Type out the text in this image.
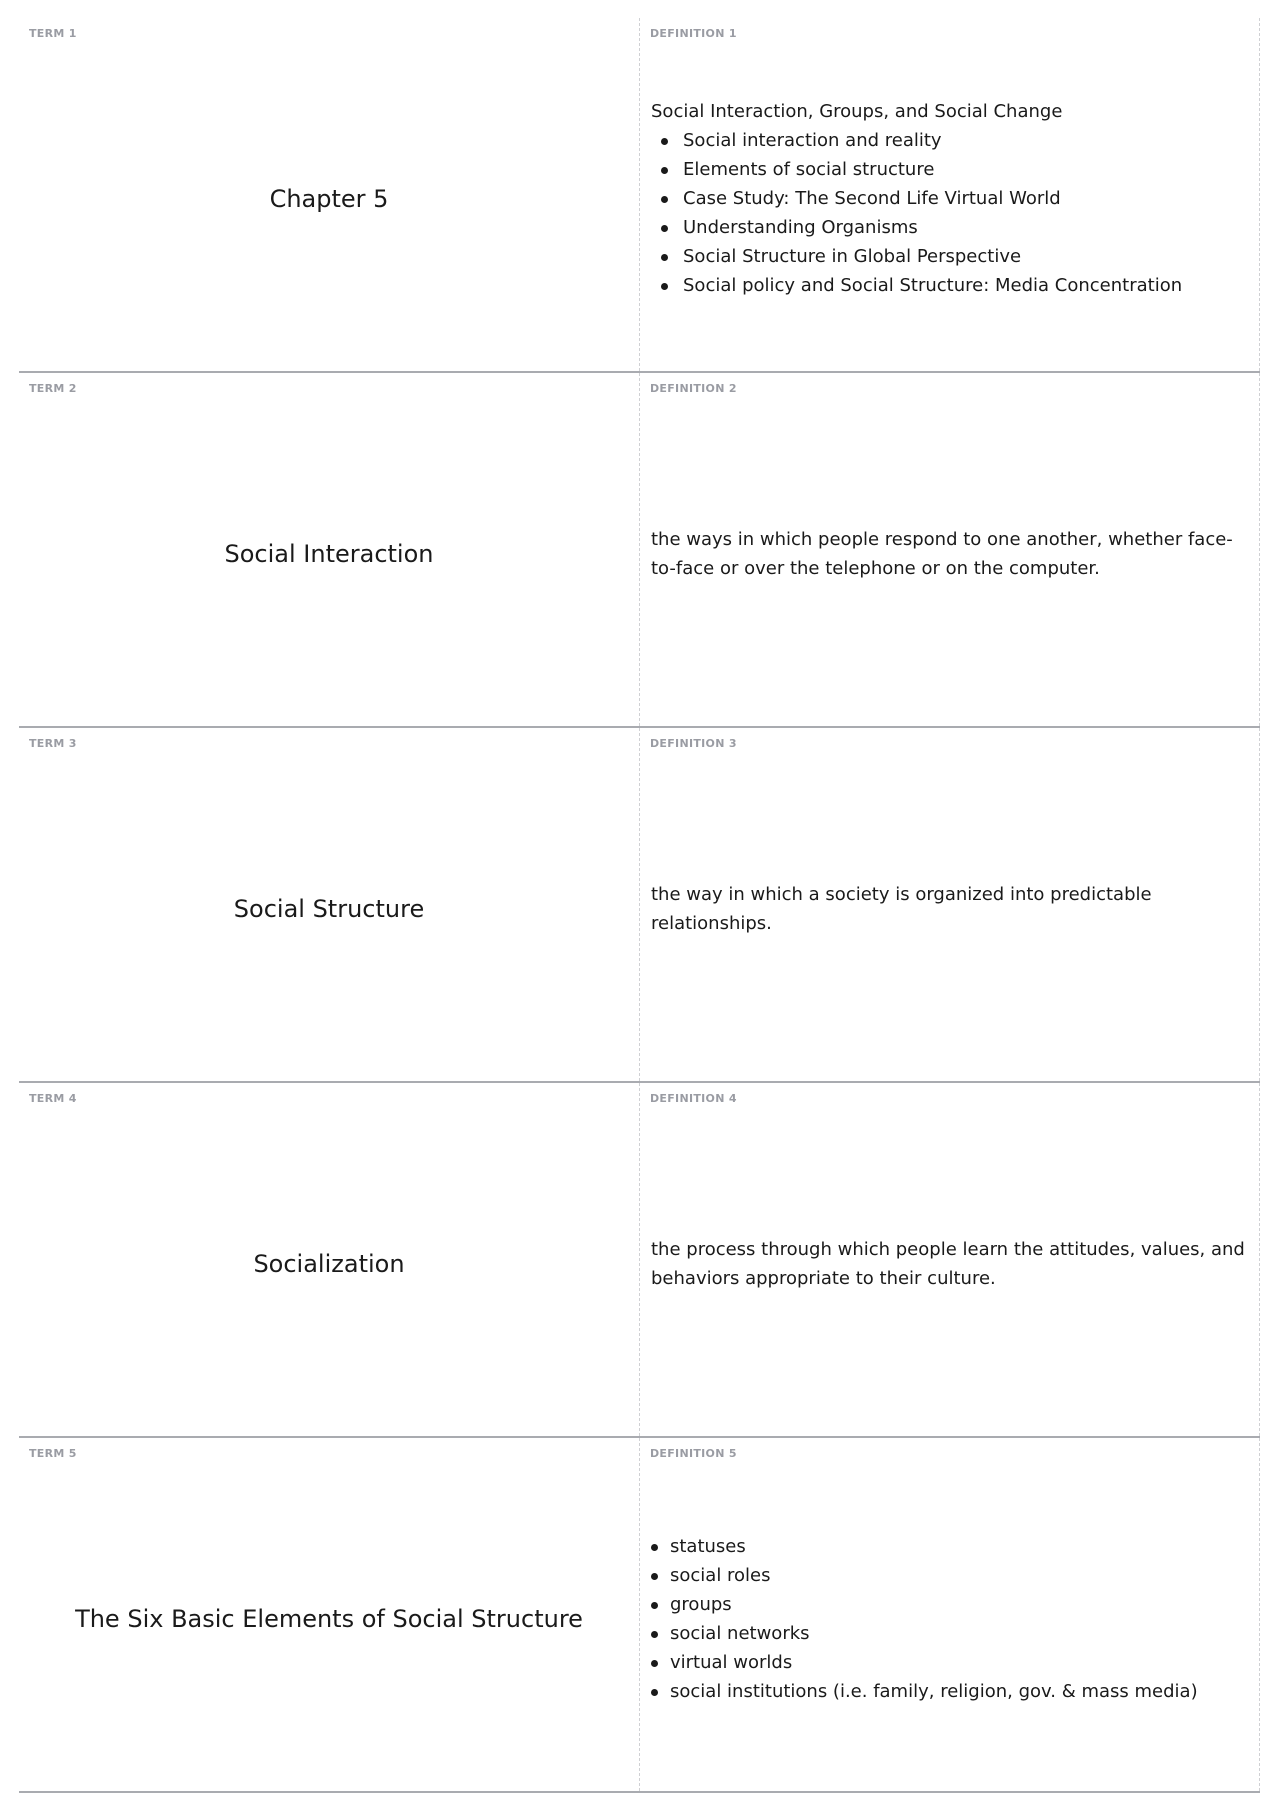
TERM 1
Chapter 5
DEFINITION 1

Social Interaction, Groups, and Social Change

Social interaction and reality
Elements of social structure
Case Study: The Second Life Virtual World
Understanding Organisms
Social Structure in Global Perspective
Social policy and Social Structure: Media Concentration
TERM 2
Social Interaction
DEFINITION 2

the ways in which people respond to one another, whether face-to-face or over the telephone or on the computer.

TERM 3
Social Structure
DEFINITION 3

the way in which a society is organized into predictable relationships.

TERM 4
Socialization
DEFINITION 4

the process through which people learn the attitudes, values, and behaviors appropriate to their culture.

TERM 5
The Six Basic Elements of Social Structure
DEFINITION 5
statuses
social roles
groups
social networks
virtual worlds
social institutions (i.e. family, religion, gov. & mass media)
